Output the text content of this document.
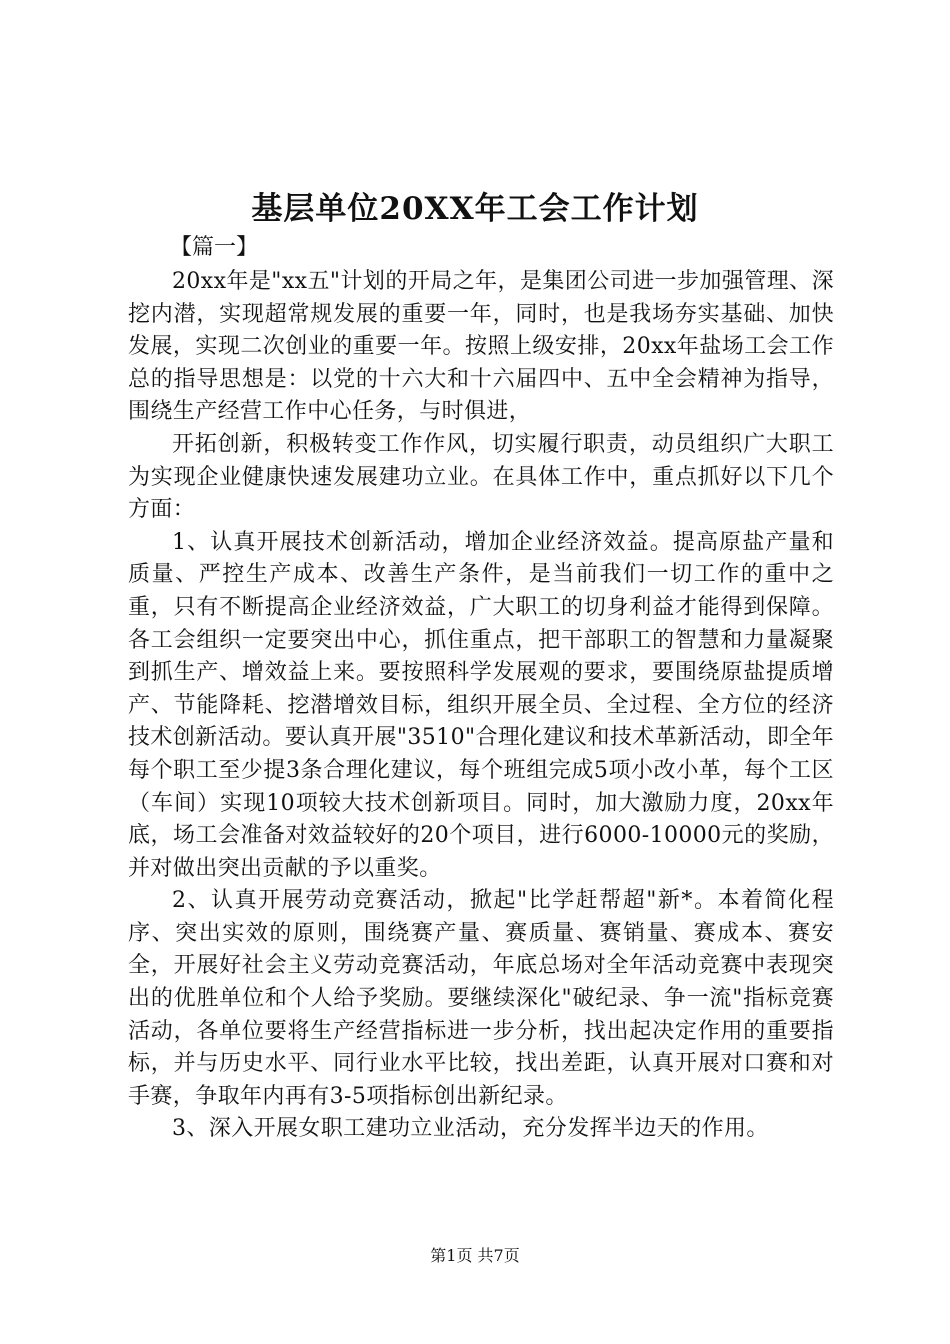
基层单位20XX年工会工作计划
【篇一】

20xx年是"xx五"计划的开局之年，是集团公司进一步加强管理、深挖内潜，实现超常规发展的重要一年，同时，也是我场夯实基础、加快发展，实现二次创业的重要一年。按照上级安排，20xx年盐场工会工作总的指导思想是：以党的十六大和十六届四中、五中全会精神为指导，围绕生产经营工作中心任务，与时俱进，

开拓创新，积极转变工作作风，切实履行职责，动员组织广大职工为实现企业健康快速发展建功立业。在具体工作中，重点抓好以下几个方面：

1、认真开展技术创新活动，增加企业经济效益。提高原盐产量和质量、严控生产成本、改善生产条件，是当前我们一切工作的重中之重，只有不断提高企业经济效益，广大职工的切身利益才能得到保障。各工会组织一定要突出中心，抓住重点，把干部职工的智慧和力量凝聚到抓生产、增效益上来。要按照科学发展观的要求，要围绕原盐提质增产、节能降耗、挖潜增效目标，组织开展全员、全过程、全方位的经济技术创新活动。要认真开展"3510"合理化建议和技术革新活动，即全年每个职工至少提3条合理化建议，每个班组完成5项小改小革，每个工区（车间）实现10项较大技术创新项目。同时，加大激励力度，20xx年底，场工会准备对效益较好的20个项目，进行6000-10000元的奖励，并对做出突出贡献的予以重奖。

2、认真开展劳动竞赛活动，掀起"比学赶帮超"新*。本着简化程序、突出实效的原则，围绕赛产量、赛质量、赛销量、赛成本、赛安全，开展好社会主义劳动竞赛活动，年底总场对全年活动竞赛中表现突出的优胜单位和个人给予奖励。要继续深化"破纪录、争一流"指标竞赛活动，各单位要将生产经营指标进一步分析，找出起决定作用的重要指标，并与历史水平、同行业水平比较，找出差距，认真开展对口赛和对手赛，争取年内再有3-5项指标创出新纪录。

3、深入开展女职工建功立业活动，充分发挥半边天的作用。

第1页 共7页
